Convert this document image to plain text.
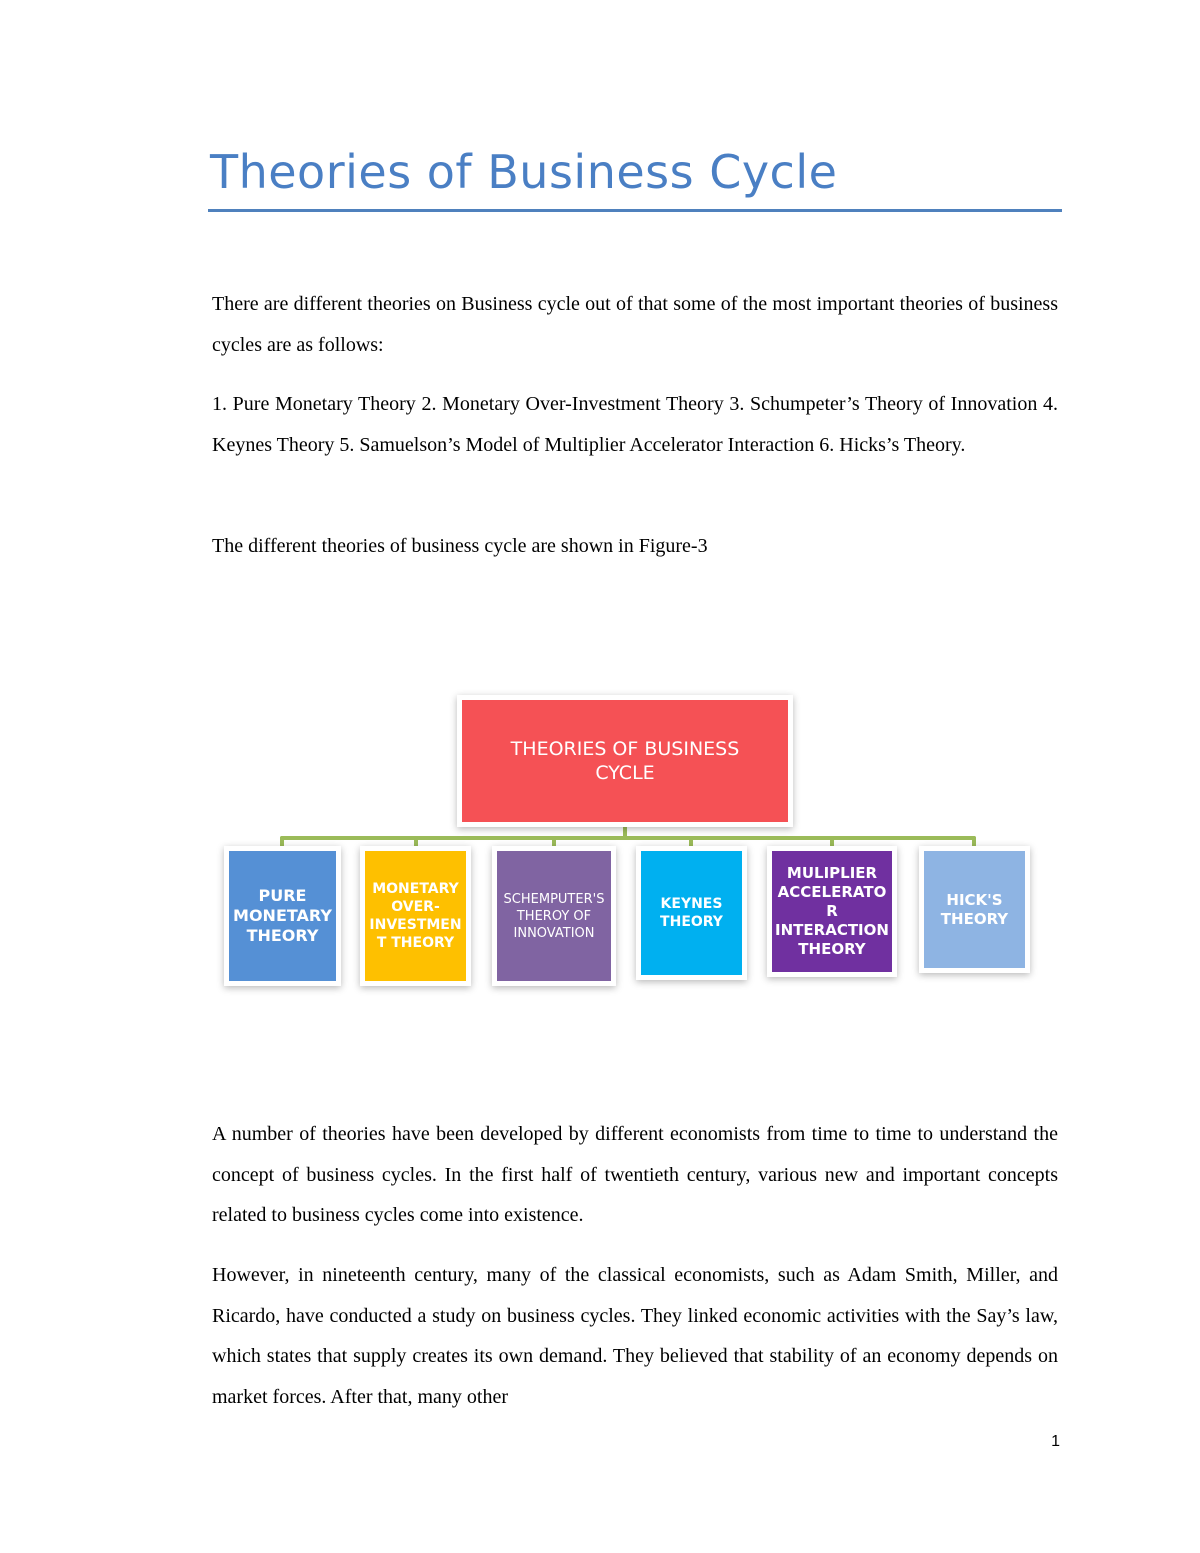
Theories of Business Cycle

There are different theories on Business cycle out of that some of the most important theories of business cycles are as follows:

1. Pure Monetary Theory 2. Monetary Over-Investment Theory 3. Schumpeter’s Theory of Innovation 4. Keynes Theory 5. Samuelson’s Model of Multiplier Accelerator Interaction 6. Hicks’s Theory.

The different theories of business cycle are shown in Figure-3

THEORIES OF BUSINESS
CYCLE
PURE
MONETARY
THEORY
MONETARY
OVER-
INVESTMEN
T THEORY
SCHEMPUTER'S
THEROY OF
INNOVATION
KEYNES
THEORY
MULIPLIER
ACCELERATO
R
INTERACTION
THEORY
HICK'S
THEORY

A number of theories have been developed by different economists from time to time to understand the concept of business cycles. In the first half of twentieth century, various new and important concepts related to business cycles come into existence.

However, in nineteenth century, many of the classical economists, such as Adam Smith, Miller, and Ricardo, have conducted a study on business cycles. They linked economic activities with the Say’s law, which states that supply creates its own demand. They believed that stability of an economy depends on market forces. After that, many other

1
